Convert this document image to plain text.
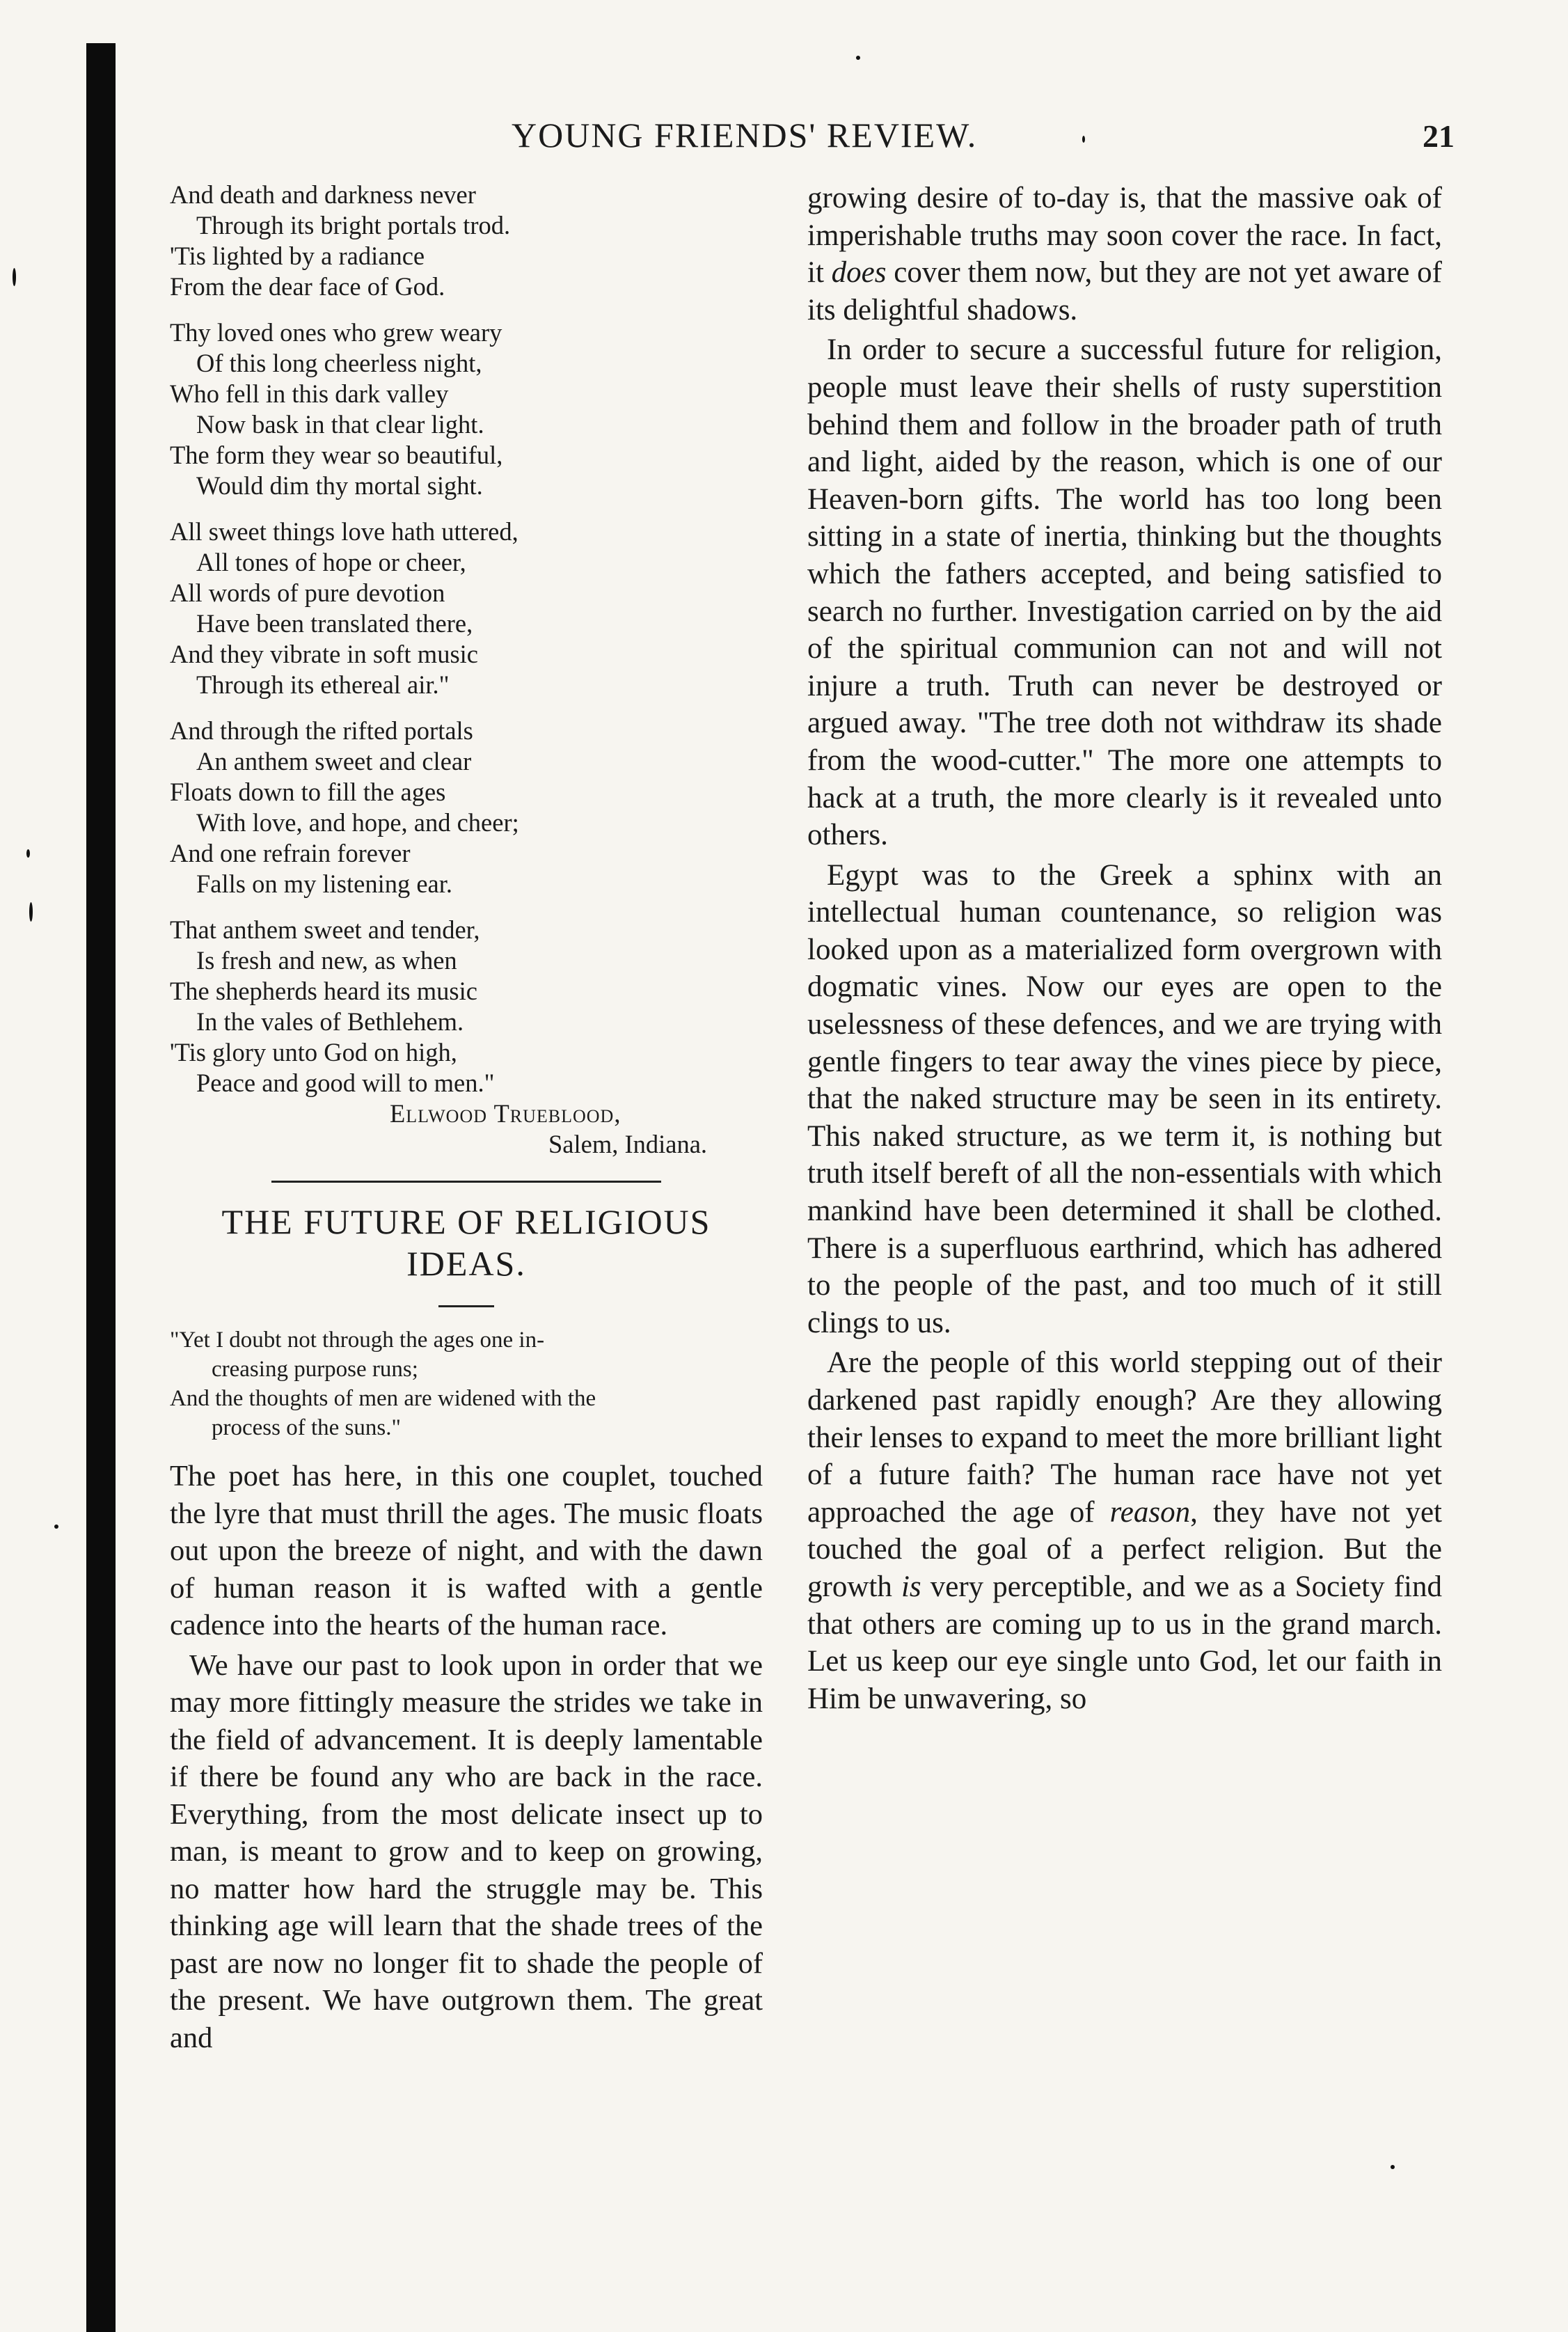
YOUNG FRIENDS' REVIEW.	21
And death and darkness never
Through its bright portals trod.
'Tis lighted by a radiance
From the dear face of God.
Thy loved ones who grew weary
Of this long cheerless night,
Who fell in this dark valley
Now bask in that clear light.
The form they wear so beautiful,
Would dim thy mortal sight.
All sweet things love hath uttered,
All tones of hope or cheer,
All words of pure devotion
Have been translated there,
And they vibrate in soft music
Through its ethereal air."
And through the rifted portals
An anthem sweet and clear
Floats down to fill the ages
With love, and hope, and cheer;
And one refrain forever
Falls on my listening ear.
That anthem sweet and tender,
Is fresh and new, as when
The shepherds heard its music
In the vales of Bethlehem.
'Tis glory unto God on high,
Peace and good will to men."
Ellwood Trueblood,
Salem, Indiana.
THE FUTURE OF RELIGIOUS
IDEAS.
"Yet I doubt not through the ages one in-
creasing purpose runs;
And the thoughts of men are widened with the
process of the suns."

The poet has here, in this one couplet, touched the lyre that must thrill the ages. The music floats out upon the breeze of night, and with the dawn of human reason it is wafted with a gentle cadence into the hearts of the human race.

We have our past to look upon in order that we may more fittingly measure the strides we take in the field of advancement. It is deeply lamentable if there be found any who are back in the race. Everything, from the most delicate insect up to man, is meant to grow and to keep on growing, no matter how hard the struggle may be. This thinking age will learn that the shade trees of the past are now no longer fit to shade the people of the present. We have outgrown them. The great and

growing desire of to-day is, that the massive oak of imperishable truths may soon cover the race. In fact, it does cover them now, but they are not yet aware of its delightful shadows.

In order to secure a successful future for religion, people must leave their shells of rusty superstition behind them and follow in the broader path of truth and light, aided by the reason, which is one of our Heaven-born gifts. The world has too long been sitting in a state of inertia, thinking but the thoughts which the fathers accepted, and being satisfied to search no further. Investigation carried on by the aid of the spiritual communion can not and will not injure a truth. Truth can never be destroyed or argued away. "The tree doth not withdraw its shade from the wood-cutter." The more one attempts to hack at a truth, the more clearly is it revealed unto others.

Egypt was to the Greek a sphinx with an intellectual human countenance, so religion was looked upon as a materialized form overgrown with dogmatic vines. Now our eyes are open to the uselessness of these defences, and we are trying with gentle fingers to tear away the vines piece by piece, that the naked structure may be seen in its entirety. This naked structure, as we term it, is nothing but truth itself bereft of all the non-essentials with which mankind have been determined it shall be clothed. There is a superfluous earthrind, which has adhered to the people of the past, and too much of it still clings to us.

Are the people of this world stepping out of their darkened past rapidly enough? Are they allowing their lenses to expand to meet the more brilliant light of a future faith? The human race have not yet approached the age of reason, they have not yet touched the goal of a perfect religion. But the growth is very perceptible, and we as a Society find that others are coming up to us in the grand march. Let us keep our eye single unto God, let our faith in Him be unwavering, so
